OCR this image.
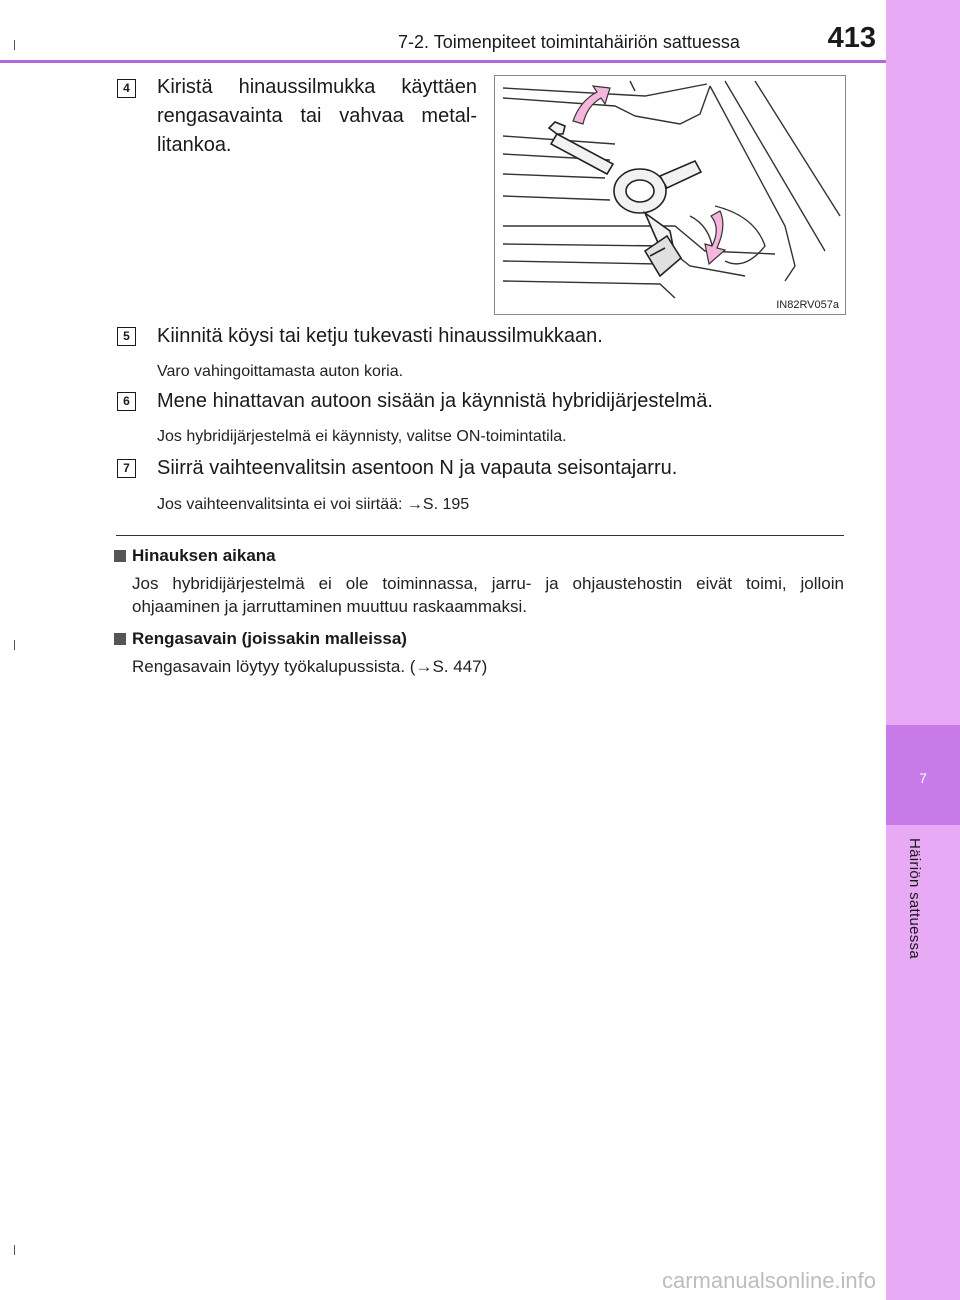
7
Häiriön sattuessa
7-2. Toimenpiteet toimintahäiriön sattuessa	413
4	Kiristä hinaussilmukka käyttäen
rengasavainta tai vahvaa metal-
litankoa.
IN82RV057a
5	Kiinnitä köysi tai ketju tukevasti hinaussilmukkaan.
Varo vahingoittamasta auton koria.
6	Mene hinattavan autoon sisään ja käynnistä hybridijärjestelmä.
Jos hybridijärjestelmä ei käynnisty, valitse ON-toimintatila.
7	Siirrä vaihteenvalitsin asentoon N ja vapauta seisontajarru.
Jos vaihteenvalitsinta ei voi siirtää: →S. 195
Hinauksen aikana
Jos hybridijärjestelmä ei ole toiminnassa, jarru- ja ohjaustehostin eivät toimi, jolloin ohjaaminen ja jarruttaminen muuttuu raskaammaksi.
Rengasavain (joissakin malleissa)
Rengasavain löytyy työkalupussista. (→S. 447)
carmanualsonline.info
